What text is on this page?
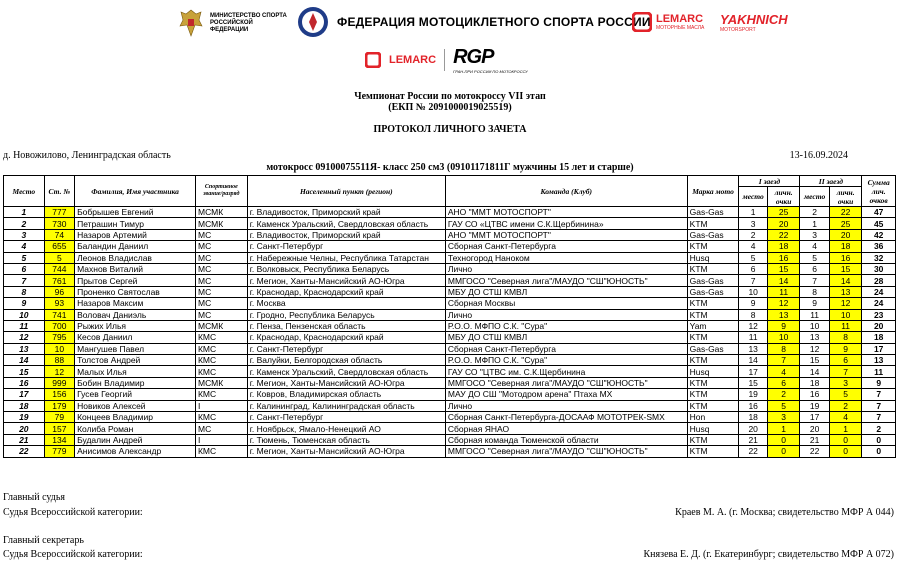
МИНИСТЕРСТВО СПОРТА РОССИЙСКОЙ ФЕДЕРАЦИИ
ФЕДЕРАЦИЯ МОТОЦИКЛЕТНОГО СПОРТА РОССИИ LEMARC
МОТОРНЫЕ МАСЛА
YAKHNICH
MOTORSPORT
LEMARC RGP
ГРАН-ПРИ РОССИИ ПО МОТОКРОССУ
Чемпионат России по мотокроссу VII этап
(ЕКП № 2091000019025519)
ПРОТОКОЛ ЛИЧНОГО ЗАЧЕТА
д. Новожилово, Ленинградская область	13-16.09.2024
мотокросс 09100075511Я- класс 250 см3 (09101171811Г мужчины 15 лет и старше)
Место	Ст. №	Фамилия, Имя участника	Спортивное звание/разряд	Населенный пункт (регион)	Команда (Клуб)	Марка мото	I заезд		II заезд		Сумма лич. очков
							место	личн. очки	место	личн. очки	
1	777	Бобрышев Евгений	МСМК	г. Владивосток, Приморский край	АНО "ММТ МОТОСПОРТ"	Gas-Gas	1	25	2	22	47
2	730	Петрашин Тимур	МСМК	г. Каменск Уральский, Свердловская область	ГАУ СО «ЦТВС имени С.К.Щербинина»	KTM	3	20	1	25	45
3	74	Назаров Артемий	МС	г. Владивосток, Приморский край	АНО "ММТ МОТОСПОРТ"	Gas-Gas	2	22	3	20	42
4	655	Баландин Даниил	МС	г. Санкт-Петербург	Сборная Санкт-Петербурга	KTM	4	18	4	18	36
5	5	Леонов Владислав	МС	г. Набережные Челны, Республика Татарстан	Техногород Наноком	Husq	5	16	5	16	32
6	744	Махнов Виталий	МС	г. Волковыск, Республика Беларусь	Лично	KTM	6	15	6	15	30
7	761	Прытов Сергей	МС	г. Мегион, Ханты-Мансийский АО-Югра	ММГОСО "Северная лига"/МАУДО "СШ"ЮНОСТЬ"	Gas-Gas	7	14	7	14	28
8	96	Проненко Святослав	МС	г. Краснодар, Краснодарский край	МБУ ДО СТШ КМВЛ	Gas-Gas	10	11	8	13	24
9	93	Назаров Максим	МС	г. Москва	Сборная Москвы	KTM	9	12	9	12	24
10	741	Воловач Даниэль	МС	г. Гродно, Республика Беларусь	Лично	KTM	8	13	11	10	23
11	700	Рыжих Илья	МСМК	г. Пенза, Пензенская область	Р.О.О. МФПО С.К. "Сура"	Yam	12	9	10	11	20
12	795	Кесов Даниил	КМС	г. Краснодар, Краснодарский край	МБУ ДО СТШ КМВЛ	KTM	11	10	13	8	18
13	10	Мангушев Павел	КМС	г. Санкт-Петербург	Сборная Санкт-Петербурга	Gas-Gas	13	8	12	9	17
14	88	Толстов Андрей	КМС	г. Валуйки, Белгородская область	Р.О.О. МФПО С.К. "Сура"	KTM	14	7	15	6	13
15	12	Малых Илья	КМС	г. Каменск Уральский, Свердловская область	ГАУ СО "ЦТВС им. С.К.Щербинина	Husq	17	4	14	7	11
16	999	Бобин Владимир	МСМК	г. Мегион, Ханты-Мансийский АО-Югра	ММГОСО "Северная лига"/МАУДО "СШ"ЮНОСТЬ"	KTM	15	6	18	3	9
17	156	Гусев Георгий	КМС	г. Ковров, Владимирская область	МАУ ДО СШ "Мотодром арена" Птаха МХ	KTM	19	2	16	5	7
18	179	Новиков Алексей	I	г. Калининград, Калининградская область	Лично	KTM	16	5	19	2	7
19	79	Концеев Владимир	КМС	г. Санкт-Петербург	Сборная Санкт-Петербурга-ДОСААФ МОТОТРЕК-SMX	Hon	18	3	17	4	7
20	157	Колиба Роман	МС	г. Ноябрьск, Ямало-Ненецкий АО	Сборная ЯНАО	Husq	20	1	20	1	2
21	134	Будалин Андрей	I	г. Тюмень, Тюменская область	Сборная команда Тюменской области	KTM	21	0	21	0	0
22	779	Анисимов Александр	КМС	г. Мегион, Ханты-Мансийский АО-Югра	ММГОСО "Северная лига"/МАУДО "СШ"ЮНОСТЬ"	KTM	22	0	22	0	0
Главный судья
Судья Всероссийской категории:	Краев М. А. (г. Москва; свидетельство МФР А 044)
Главный секретарь
Судья Всероссийской категории:	Князева Е. Д. (г. Екатеринбург; свидетельство МФР А 072)
